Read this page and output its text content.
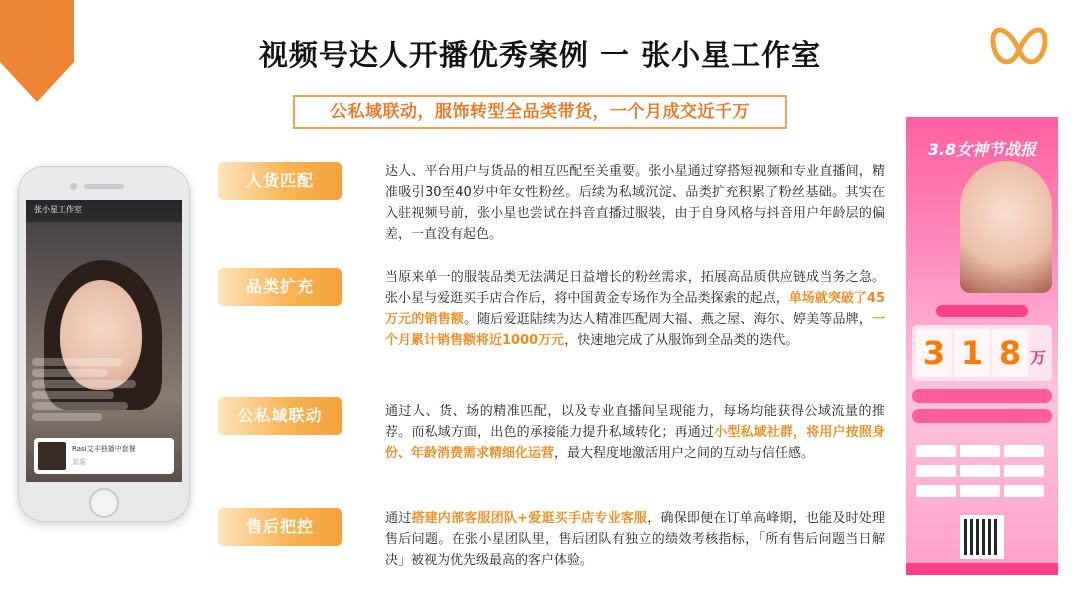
视频号达人开播优秀案例 一 张小星工作室
公私域联动，服饰转型全品类带货，一个月成交近千万
张小星工作室
Rasi艾丰独播中套餐
套装
人货匹配	达人、平台用户与货品的相互匹配至关重要。张小星通过穿搭短视频和专业直播间，精准吸引30至40岁中年女性粉丝。后续为私域沉淀、品类扩充积累了粉丝基础。其实在入驻视频号前，张小星也尝试在抖音直播过服装，由于自身风格与抖音用户年龄层的偏差，一直没有起色。
品类扩充	当原来单一的服装品类无法满足日益增长的粉丝需求，拓展高品质供应链成当务之急。张小星与爱逛买手店合作后，将中国黄金专场作为全品类探索的起点，单场就突破了45万元的销售额。随后爱逛陆续为达人精准匹配周大福、燕之屋、海尔、婷美等品牌，一个月累计销售额将近1000万元，快速地完成了从服饰到全品类的迭代。
公私域联动	通过人、货、场的精准匹配，以及专业直播间呈现能力，每场均能获得公域流量的推荐。而私域方面，出色的承接能力提升私域转化；再通过小型私域社群，将用户按照身份、年龄消费需求精细化运营，最大程度地激活用户之间的互动与信任感。
售后把控	通过搭建内部客服团队+爱逛买手店专业客服，确保即便在订单高峰期，也能及时处理售后问题。在张小星团队里，售后团队有独立的绩效考核指标，「所有售后问题当日解决」被视为优先级最高的客户体验。
3.8女神节战报
3 1 8 万
